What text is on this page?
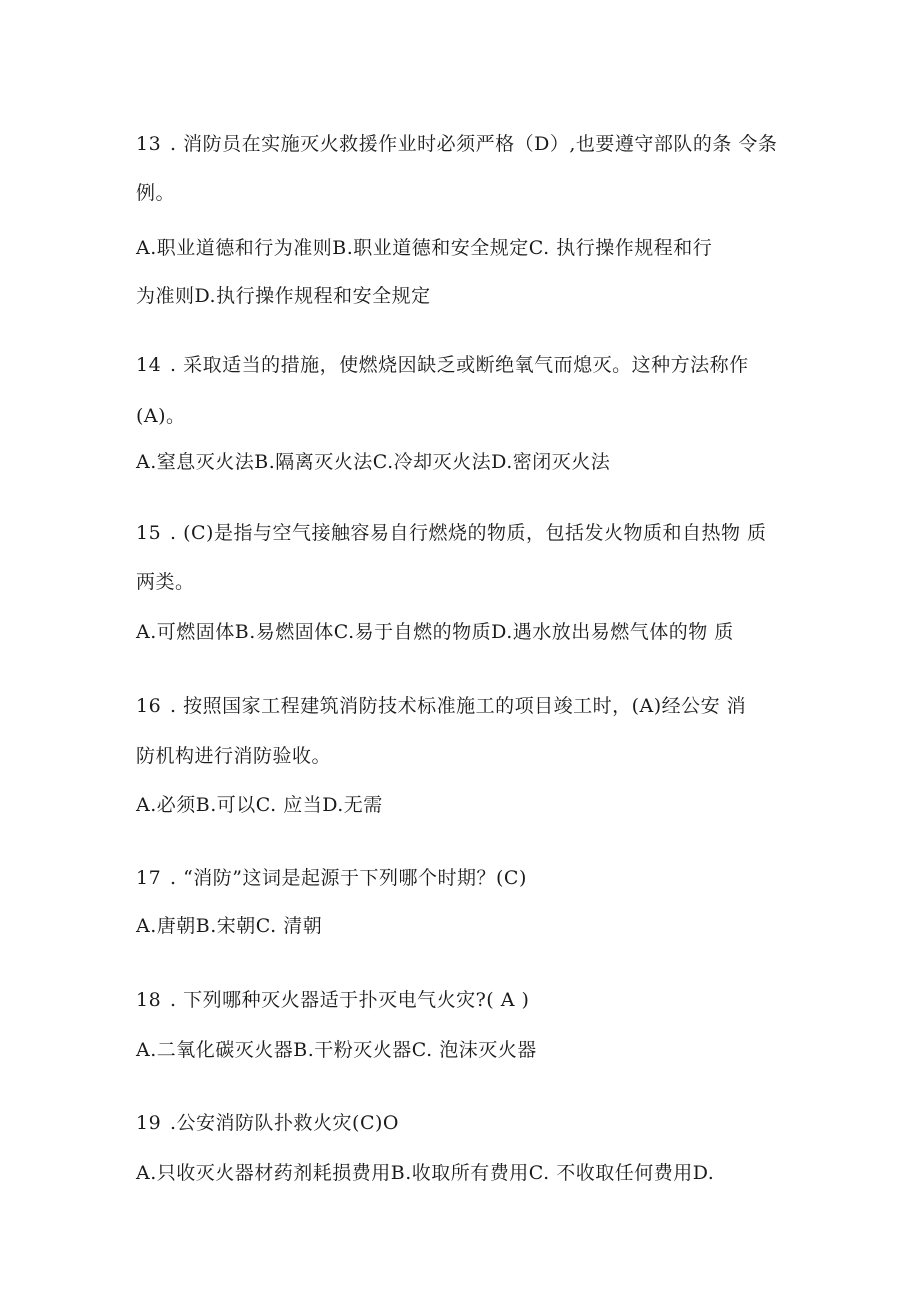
13 . 消防员在实施灭火救援作业时必须严格（D）,也要遵守部队的条 令条
例。
A.职业道德和行为准则B.职业道德和安全规定C. 执行操作规程和行
为准则D.执行操作规程和安全规定
14 . 采取适当的措施，使燃烧因缺乏或断绝氧气而熄灭。这种方法称作
(A)。
A.窒息灭火法B.隔离灭火法C.冷却灭火法D.密闭灭火法
15 . (C)是指与空气接触容易自行燃烧的物质，包括发火物质和自热物 质
两类。
A.可燃固体B.易燃固体C.易于自燃的物质D.遇水放出易燃气体的物 质
16 . 按照国家工程建筑消防技术标准施工的项目竣工时，(A)经公安 消
防机构进行消防验收。
A.必须B.可以C. 应当D.无需
17 . “消防”这词是起源于下列哪个时期？(C)
A.唐朝B.宋朝C. 清朝
18 . 下列哪种灭火器适于扑灭电气火灾?( A )
A.二氧化碳灭火器B.干粉灭火器C. 泡沫灭火器
19 .公安消防队扑救火灾(C)O
A.只收灭火器材药剂耗损费用B.收取所有费用C. 不收取任何费用D.
